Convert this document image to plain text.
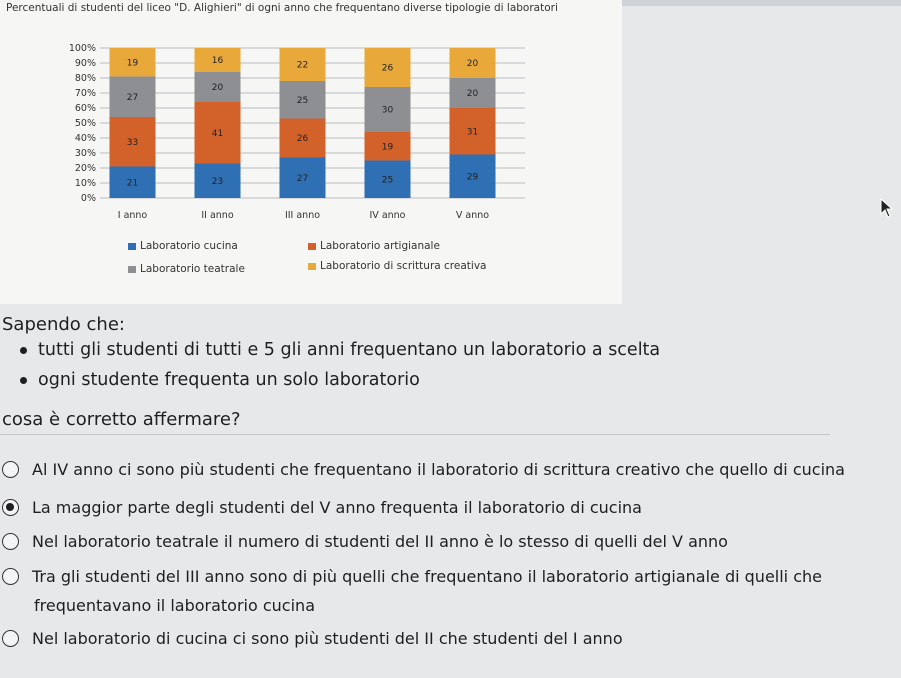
Percentuali di studenti del liceo "D. Alighieri" di ogni anno che frequentano diverse tipologie di laboratori
0%
10%
20%
30%
40%
50%
60%
70%
80%
90%
100%
21
33
27
19
I anno
23
41
20
16
II anno
27
26
25
22
III anno
25
19
30
26
IV anno
29
31
20
20
V anno
Laboratorio cucina	Laboratorio artigianale
Laboratorio teatrale	Laboratorio di scrittura creativa
Sapendo che:
tutti gli studenti di tutti e 5 gli anni frequentano un laboratorio a scelta
ogni studente frequenta un solo laboratorio
cosa è corretto affermare?
Al IV anno ci sono più studenti che frequentano il laboratorio di scrittura creativo che quello di cucina
La maggior parte degli studenti del V anno frequenta il laboratorio di cucina
Nel laboratorio teatrale il numero di studenti del II anno è lo stesso di quelli del V anno
Tra gli studenti del III anno sono di più quelli che frequentano il laboratorio artigianale di quelli che
frequentavano il laboratorio cucina
Nel laboratorio di cucina ci sono più studenti del II che studenti del I anno
